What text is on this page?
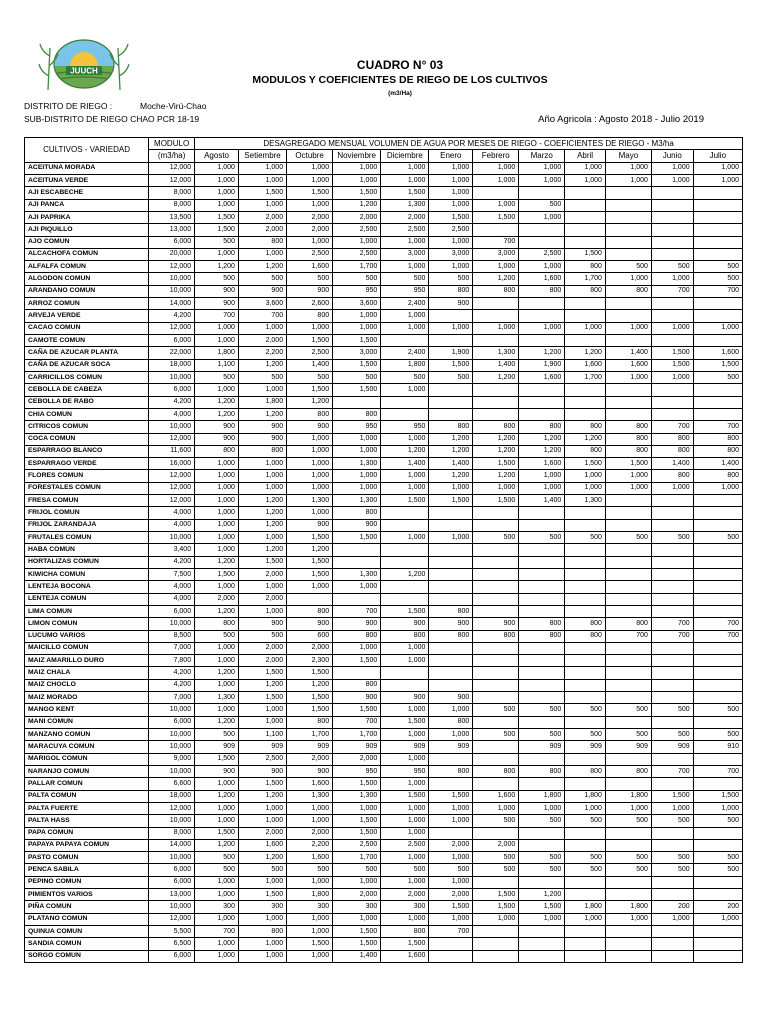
JUUCH	CUADRO N° 03
MODULOS Y COEFICIENTES DE RIEGO DE LOS CULTIVOS
(m3/Ha)
DISTRITO DE RIEGO :	Moche-Virú-Chao
SUB-DISTRITO DE RIEGO CHAO PCR 18-19	Año Agricola : Agosto 2018 - Julio 2019
CULTIVOS - VARIEDAD	MODULO	DESAGREGADO MENSUAL VOLUMEN DE AGUA POR MESES DE RIEGO - COEFICIENTES DE RIEGO - M3/ha											
	(m3/ha)	Agosto	Setiembre	Octubre	Noviembre	Diciembre	Enero	Febrero	Marzo	Abril	Mayo	Junio	Julio
ACEITUNA MORADA	12,000	1,000	1,000	1,000	1,000	1,000	1,000	1,000	1,000	1,000	1,000	1,000	1,000
ACEITUNA VERDE	12,000	1,000	1,000	1,000	1,000	1,000	1,000	1,000	1,000	1,000	1,000	1,000	1,000
AJI ESCABECHE	8,000	1,000	1,500	1,500	1,500	1,500	1,000						
AJI PANCA	8,000	1,000	1,000	1,000	1,200	1,300	1,000	1,000	500				
AJI PAPRIKA	13,500	1,500	2,000	2,000	2,000	2,000	1,500	1,500	1,000				
AJI PIQUILLO	13,000	1,500	2,000	2,000	2,500	2,500	2,500						
AJO COMUN	6,000	500	800	1,000	1,000	1,000	1,000	700					
ALCACHOFA COMUN	20,000	1,000	1,000	2,500	2,500	3,000	3,000	3,000	2,500	1,500			
ALFALFA COMUN	12,000	1,200	1,200	1,600	1,700	1,000	1,000	1,000	1,000	800	500	500	500
ALGODON COMUN	10,000	500	500	500	500	500	500	1,200	1,600	1,700	1,000	1,000	500
ARANDANO COMUN	10,000	900	900	900	950	950	800	800	800	800	800	700	700
ARROZ COMUN	14,000	900	3,600	2,600	3,600	2,400	900						
ARVEJA VERDE	4,200	700	700	800	1,000	1,000							
CACAO COMUN	12,000	1,000	1,000	1,000	1,000	1,000	1,000	1,000	1,000	1,000	1,000	1,000	1,000
CAMOTE COMUN	6,000	1,000	2,000	1,500	1,500								
CAÑA DE AZUCAR PLANTA	22,000	1,800	2,200	2,500	3,000	2,400	1,900	1,300	1,200	1,200	1,400	1,500	1,600
CAÑA DE AZUCAR SOCA	18,000	1,100	1,200	1,400	1,500	1,800	1,500	1,400	1,900	1,600	1,600	1,500	1,500
CARRICILLOS COMUN	10,000	500	500	500	500	500	500	1,200	1,600	1,700	1,000	1,000	500
CEBOLLA DE CABEZA	6,000	1,000	1,000	1,500	1,500	1,000							
CEBOLLA DE RABO	4,200	1,200	1,800	1,200									
CHIA COMUN	4,000	1,200	1,200	800	800								
CITRICOS COMUN	10,000	900	900	900	950	950	800	800	800	800	800	700	700
COCA COMUN	12,000	900	900	1,000	1,000	1,000	1,200	1,200	1,200	1,200	800	800	800
ESPARRAGO BLANCO	11,600	800	800	1,000	1,000	1,200	1,200	1,200	1,200	800	800	800	800
ESPARRAGO VERDE	16,000	1,000	1,000	1,000	1,300	1,400	1,400	1,500	1,600	1,500	1,500	1,400	1,400
FLORES COMUN	12,000	1,000	1,000	1,000	1,000	1,000	1,200	1,200	1,000	1,000	1,000	800	800
FORESTALES COMUN	12,000	1,000	1,000	1,000	1,000	1,000	1,000	1,000	1,000	1,000	1,000	1,000	1,000
FRESA COMUN	12,000	1,000	1,200	1,300	1,300	1,500	1,500	1,500	1,400	1,300			
FRIJOL COMUN	4,000	1,000	1,200	1,000	800								
FRIJOL ZARANDAJA	4,000	1,000	1,200	900	900								
FRUTALES COMUN	10,000	1,000	1,000	1,500	1,500	1,000	1,000	500	500	500	500	500	500
HABA COMUN	3,400	1,000	1,200	1,200									
HORTALIZAS COMUN	4,200	1,200	1,500	1,500									
KIWICHA COMUN	7,500	1,500	2,000	1,500	1,300	1,200							
LENTEJA BOCONA	4,000	1,000	1,000	1,000	1,000								
LENTEJA COMUN	4,000	2,000	2,000										
LIMA COMUN	6,000	1,200	1,000	800	700	1,500	800						
LIMON COMUN	10,000	800	900	900	900	900	900	900	800	800	800	700	700
LUCUMO VARIOS	8,500	500	500	600	800	800	800	800	800	800	700	700	700
MAICILLO COMUN	7,000	1,000	2,000	2,000	1,000	1,000							
MAIZ AMARILLO DURO	7,800	1,000	2,000	2,300	1,500	1,000							
MAIZ CHALA	4,200	1,200	1,500	1,500									
MAIZ CHOCLO	4,200	1,000	1,200	1,200	800								
MAIZ MORADO	7,000	1,300	1,500	1,500	900	900	900						
MANGO KENT	10,000	1,000	1,000	1,500	1,500	1,000	1,000	500	500	500	500	500	500
MANI COMUN	6,000	1,200	1,000	800	700	1,500	800						
MANZANO COMUN	10,000	500	1,100	1,700	1,700	1,000	1,000	500	500	500	500	500	500
MARACUYA COMUN	10,000	909	909	909	909	909	909		909	909	909	909	910
MARIGOL COMUN	9,000	1,500	2,500	2,000	2,000	1,000							
NARANJO COMUN	10,000	900	900	900	950	950	800	800	800	800	800	700	700
PALLAR COMUN	6,600	1,000	1,500	1,600	1,500	1,000							
PALTA COMUN	18,000	1,200	1,200	1,300	1,300	1,500	1,500	1,600	1,800	1,800	1,800	1,500	1,500
PALTA FUERTE	12,000	1,000	1,000	1,000	1,000	1,000	1,000	1,000	1,000	1,000	1,000	1,000	1,000
PALTA HASS	10,000	1,000	1,000	1,000	1,500	1,000	1,000	500	500	500	500	500	500
PAPA COMUN	8,000	1,500	2,000	2,000	1,500	1,000							
PAPAYA PAPAYA COMUN	14,000	1,200	1,600	2,200	2,500	2,500	2,000	2,000					
PASTO COMUN	10,000	500	1,200	1,600	1,700	1,000	1,000	500	500	500	500	500	500
PENCA SABILA	6,000	500	500	500	500	500	500	500	500	500	500	500	500
PEPINO COMUN	6,000	1,000	1,000	1,000	1,000	1,000	1,000						
PIMIENTOS VARIOS	13,000	1,000	1,500	1,800	2,000	2,000	2,000	1,500	1,200				
PIÑA COMUN	10,000	300	300	300	300	300	1,500	1,500	1,500	1,800	1,800	200	200
PLATANO COMUN	12,000	1,000	1,000	1,000	1,000	1,000	1,000	1,000	1,000	1,000	1,000	1,000	1,000
QUINUA COMUN	5,500	700	800	1,000	1,500	800	700						
SANDIA COMUN	6,500	1,000	1,000	1,500	1,500	1,500							
SORGO COMUN	6,000	1,000	1,000	1,000	1,400	1,600							
